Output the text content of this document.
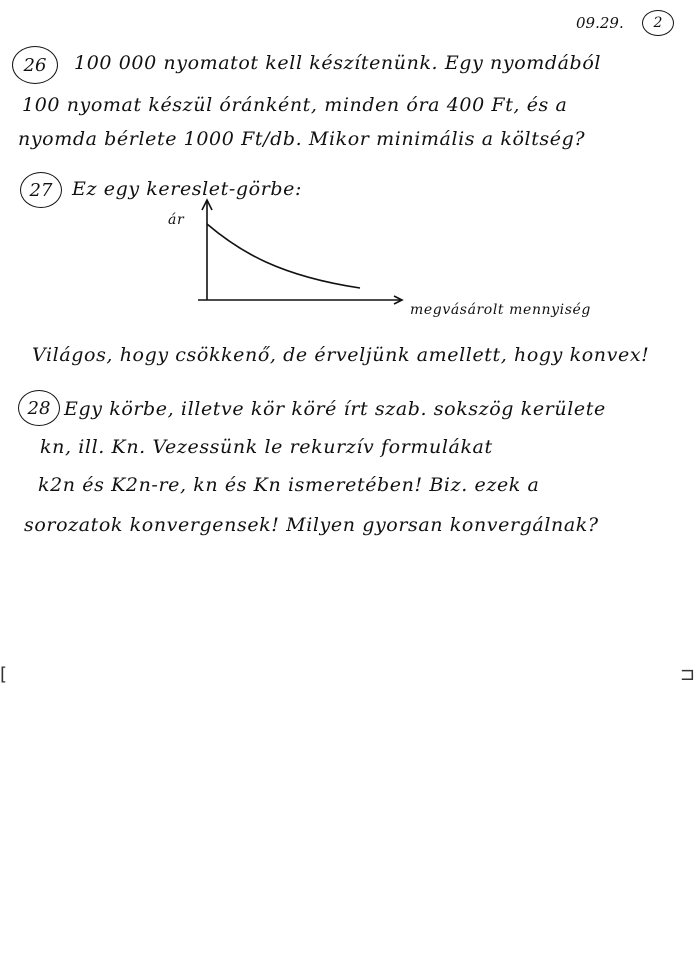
09.29.	2
26	100 000 nyomatot kell készítenünk. Egy nyomdából
100 nyomat készül óránként, minden óra 400 Ft, és a
nyomda bérlete 1000 Ft/db. Mikor minimális a költség?
27	Ez egy kereslet-görbe:
ár
megvásárolt mennyiség
Világos, hogy csökkenő, de érveljünk amellett, hogy konvex!
28 Egy körbe, illetve kör köré írt szab. sokszög kerülete
kn, ill. Kn. Vezessünk le rekurzív formulákat
k2n és K2n-re, kn és Kn ismeretében! Biz. ezek a
sorozatok konvergensek! Milyen gyorsan konvergálnak?
[	⊐
